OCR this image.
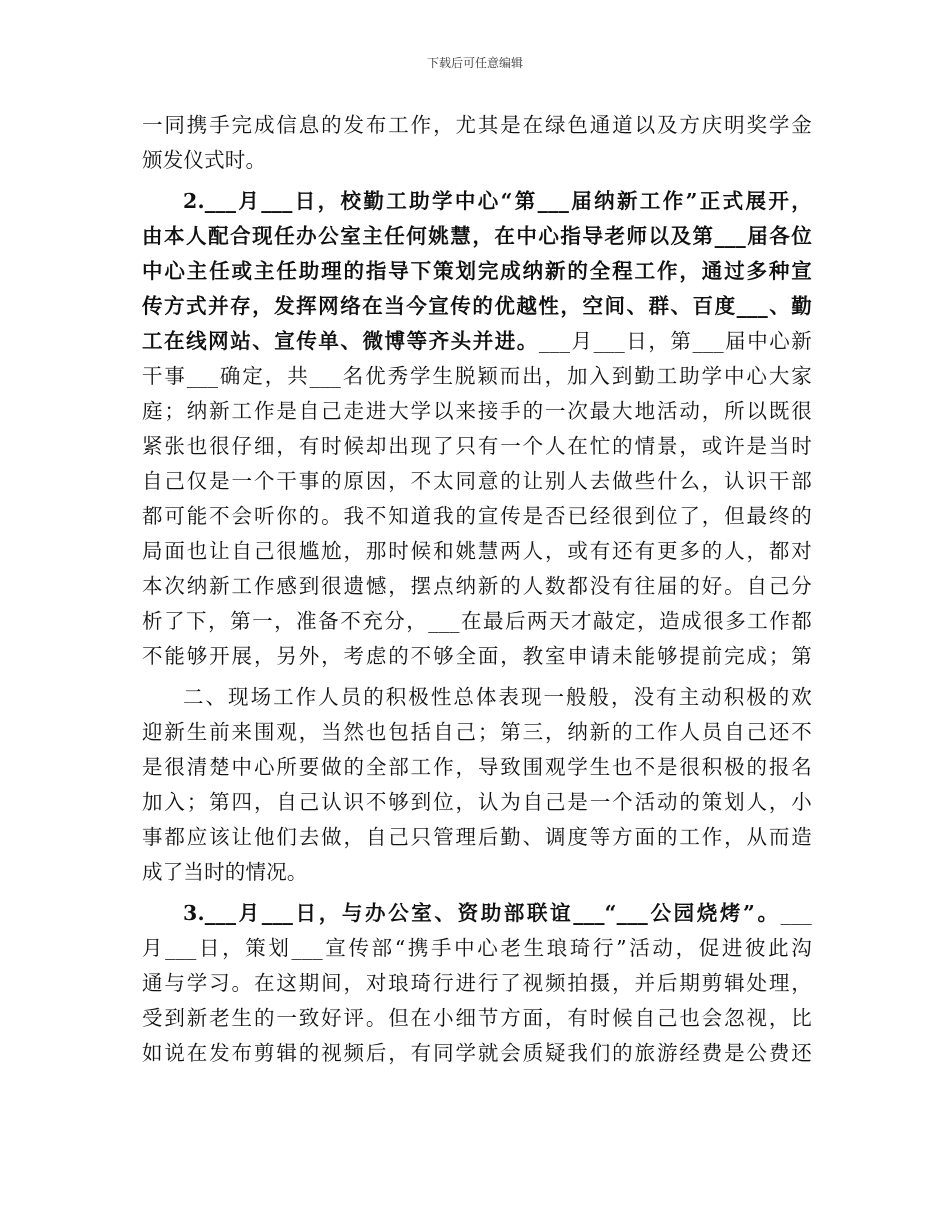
下载后可任意编辑
一同携手完成信息的发布工作，尤其是在绿色通道以及方庆明奖学金
颁发仪式时。
2.___月___日，校勤工助学中心“第___届纳新工作”正式展开，
由本人配合现任办公室主任何姚慧，在中心指导老师以及第___届各位
中心主任或主任助理的指导下策划完成纳新的全程工作，通过多种宣
传方式并存，发挥网络在当今宣传的优越性，空间、群、百度___、勤
工在线网站、宣传单、微博等齐头并进。___月___日，第___届中心新
干事___确定，共___名优秀学生脱颖而出，加入到勤工助学中心大家
庭；纳新工作是自己走进大学以来接手的一次最大地活动，所以既很
紧张也很仔细，有时候却出现了只有一个人在忙的情景，或许是当时
自己仅是一个干事的原因，不太同意的让别人去做些什么，认识干部
都可能不会听你的。我不知道我的宣传是否已经很到位了，但最终的
局面也让自己很尴尬，那时候和姚慧两人，或有还有更多的人，都对
本次纳新工作感到很遗憾，摆点纳新的人数都没有往届的好。自己分
析了下，第一，准备不充分，___在最后两天才敲定，造成很多工作都
不能够开展，另外，考虑的不够全面，教室申请未能够提前完成；第
二、现场工作人员的积极性总体表现一般般，没有主动积极的欢
迎新生前来围观，当然也包括自己；第三，纳新的工作人员自己还不
是很清楚中心所要做的全部工作，导致围观学生也不是很积极的报名
加入；第四，自己认识不够到位，认为自己是一个活动的策划人，小
事都应该让他们去做，自己只管理后勤、调度等方面的工作，从而造
成了当时的情况。
3.___月___日，与办公室、资助部联谊___“___公园烧烤”。___
月___日，策划___宣传部“携手中心老生琅琦行”活动，促进彼此沟
通与学习。在这期间，对琅琦行进行了视频拍摄，并后期剪辑处理，
受到新老生的一致好评。但在小细节方面，有时候自己也会忽视，比
如说在发布剪辑的视频后，有同学就会质疑我们的旅游经费是公费还
